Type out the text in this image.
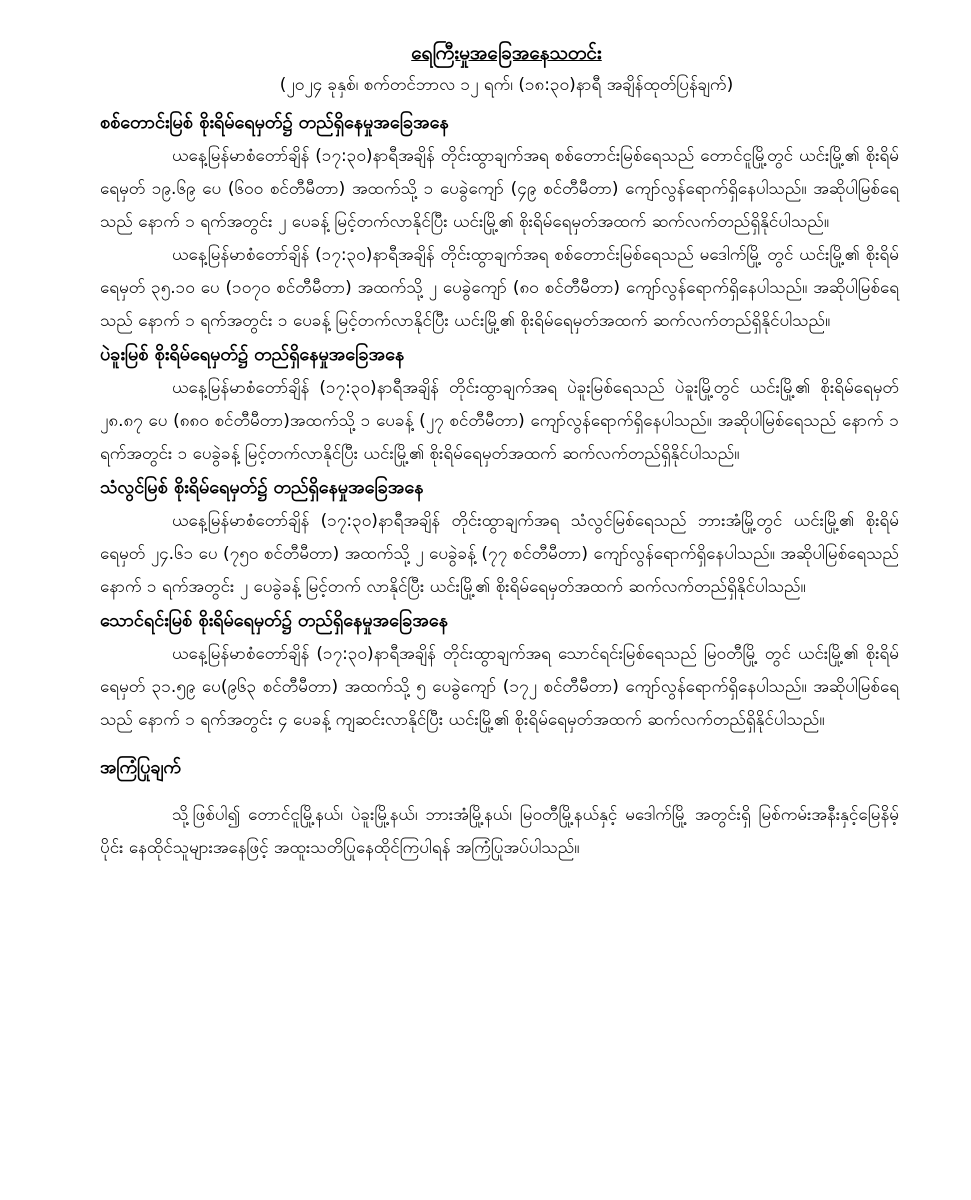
ရေကြီးမှုအခြေအနေသတင်း

(၂၀၂၄ ခုနှစ်၊ စက်တင်ဘာလ ၁၂ ရက်၊ (၁၈:၃၀)နာရီ အချိန်ထုတ်ပြန်ချက်)

စစ်တောင်းမြစ် စိုးရိမ်ရေမှတ်၌ တည်ရှိနေမှုအခြေအနေ

ယနေ့မြန်မာစံတော်ချိန် (၁၇:၃၀)နာရီအချိန် တိုင်းထွာချက်အရ စစ်တောင်းမြစ်ရေသည် တောင်ငူမြို့တွင် ယင်းမြို့၏ စိုးရိမ်ရေမှတ် ၁၉.၆၉ ပေ (၆၀၀ စင်တီမီတာ) အထက်သို့ ၁ ပေခွဲကျော် (၄၉ စင်တီမီတာ) ကျော်လွန်ရောက်ရှိနေပါသည်။ အဆိုပါမြစ်ရေသည် နောက် ၁ ရက်အတွင်း ၂ ပေခန့် မြင့်တက်လာနိုင်ပြီး ယင်းမြို့၏ စိုးရိမ်ရေမှတ်အထက် ဆက်လက်တည်ရှိနိုင်ပါသည်။

ယနေ့မြန်မာစံတော်ချိန် (၁၇:၃၀)နာရီအချိန် တိုင်းထွာချက်အရ စစ်တောင်းမြစ်ရေသည် မဒေါက်မြို့ တွင် ယင်းမြို့၏ စိုးရိမ်ရေမှတ် ၃၅.၁၀ ပေ (၁၀၇၀ စင်တီမီတာ) အထက်သို့ ၂ ပေခွဲကျော် (၈၀ စင်တီမီတာ) ကျော်လွန်ရောက်ရှိနေပါသည်။ အဆိုပါမြစ်ရေသည် နောက် ၁ ရက်အတွင်း ၁ ပေခန့် မြင့်တက်လာနိုင်ပြီး ယင်းမြို့၏ စိုးရိမ်ရေမှတ်အထက် ဆက်လက်တည်ရှိနိုင်ပါသည်။

ပဲခူးမြစ် စိုးရိမ်ရေမှတ်၌ တည်ရှိနေမှုအခြေအနေ

ယနေ့မြန်မာစံတော်ချိန် (၁၇:၃၀)နာရီအချိန် တိုင်းထွာချက်အရ ပဲခူးမြစ်ရေသည် ပဲခူးမြို့တွင် ယင်းမြို့၏ စိုးရိမ်ရေမှတ် ၂၈.၈၇ ပေ (၈၈၀ စင်တီမီတာ)အထက်သို့ ၁ ပေခန့် (၂၇ စင်တီမီတာ) ကျော်လွန်ရောက်ရှိနေပါသည်။ အဆိုပါမြစ်ရေသည် နောက် ၁ ရက်အတွင်း ၁ ပေခွဲခန့် မြင့်တက်လာနိုင်ပြီး ယင်းမြို့၏ စိုးရိမ်ရေမှတ်အထက် ဆက်လက်တည်ရှိနိုင်ပါသည်။

သံလွင်မြစ် စိုးရိမ်ရေမှတ်၌ တည်ရှိနေမှုအခြေအနေ

ယနေ့မြန်မာစံတော်ချိန် (၁၇:၃၀)နာရီအချိန် တိုင်းထွာချက်အရ သံလွင်မြစ်ရေသည် ဘားအံမြို့တွင် ယင်းမြို့၏ စိုးရိမ်ရေမှတ် ၂၄.၆၁ ပေ (၇၅၀ စင်တီမီတာ) အထက်သို့ ၂ ပေခွဲခန့် (၇၇ စင်တီမီတာ) ကျော်လွန်ရောက်ရှိနေပါသည်။ အဆိုပါမြစ်ရေသည် နောက် ၁ ရက်အတွင်း ၂ ပေခွဲခန့် မြင့်တက် လာနိုင်ပြီး ယင်းမြို့၏ စိုးရိမ်ရေမှတ်အထက် ဆက်လက်တည်ရှိနိုင်ပါသည်။

သောင်ရင်းမြစ် စိုးရိမ်ရေမှတ်၌ တည်ရှိနေမှုအခြေအနေ

ယနေ့မြန်မာစံတော်ချိန် (၁၇:၃၀)နာရီအချိန် တိုင်းထွာချက်အရ သောင်ရင်းမြစ်ရေသည် မြဝတီမြို့ တွင် ယင်းမြို့၏ စိုးရိမ်ရေမှတ် ၃၁.၅၉ ပေ(၉၆၃ စင်တီမီတာ) အထက်သို့ ၅ ပေခွဲကျော် (၁၇၂ စင်တီမီတာ) ကျော်လွန်ရောက်ရှိနေပါသည်။ အဆိုပါမြစ်ရေသည် နောက် ၁ ရက်အတွင်း ၄ ပေခန့် ကျဆင်းလာနိုင်ပြီး ယင်းမြို့၏ စိုးရိမ်ရေမှတ်အထက် ဆက်လက်တည်ရှိနိုင်ပါသည်။

အကြံပြုချက်

သို့ဖြစ်ပါ၍ တောင်ငူမြို့နယ်၊ ပဲခူးမြို့နယ်၊ ဘားအံမြို့နယ်၊ မြဝတီမြို့နယ်နှင့် မဒေါက်မြို့ အတွင်းရှိ မြစ်ကမ်းအနီးနှင့်မြေနိမ့်ပိုင်း နေထိုင်သူများအနေဖြင့် အထူးသတိပြုနေထိုင်ကြပါရန် အကြံပြုအပ်ပါသည်။
